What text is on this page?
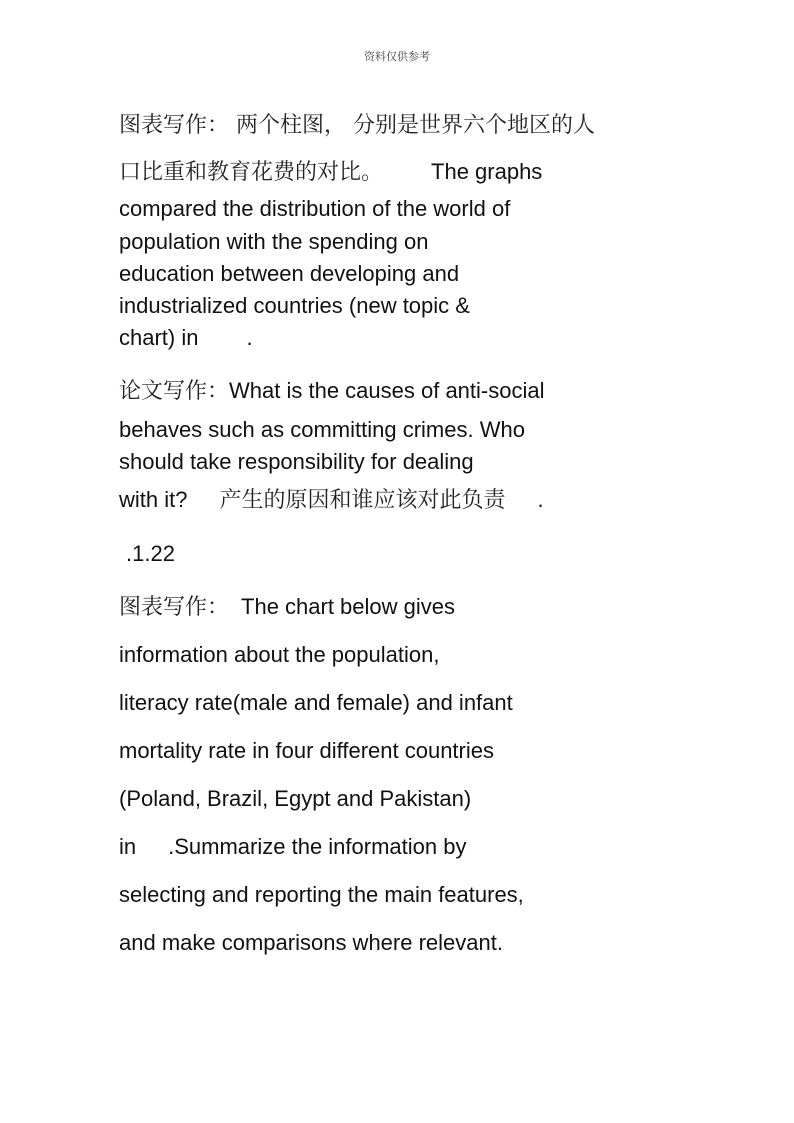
资料仅供参考
图表写作： 两个柱图， 分别是世界六个地区的人
口比重和教育花费的对比。 The graphs
compared the distribution of the world of
population with the spending on
education between developing and
industrialized countries (new topic &
chart) in .
论文写作：What is the causes of anti-social
behaves such as committing crimes. Who
should take responsibility for dealing
with it? 产生的原因和谁应该对此负责 .
.1.22
图表写作： The chart below gives
information about the population,
literacy rate(male and female) and infant
mortality rate in four different countries
(Poland, Brazil, Egypt and Pakistan)
in .Summarize the information by
selecting and reporting the main features,
and make comparisons where relevant.
